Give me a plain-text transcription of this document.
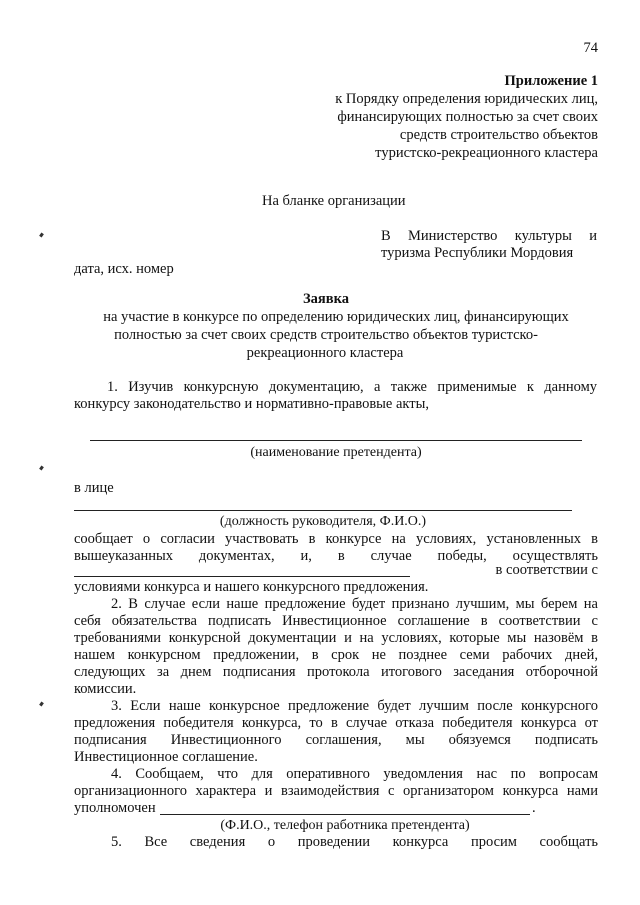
74
Приложение 1
к Порядку определения юридических лиц,
финансирующих полностью за счет своих
средств строительство объектов
туристско-рекреационного кластера
На бланке организации
В Министерство культуры и
туризма Республики Мордовия
дата, исх. номер
Заявка
на участие в конкурсе по определению юридических лиц, финансирующих
полностью за счет своих средств строительство объектов туристско-
рекреационного кластера
1. Изучив конкурсную документацию, а также применимые к данному
конкурсу законодательство и нормативно-правовые акты,
(наименование претендента)
в лице
(должность руководителя, Ф.И.О.)
сообщает о согласии участвовать в конкурсе на условиях, установленных в
вышеуказанных документах, и, в случае победы, осуществлять
в соответствии с
условиями конкурса и нашего конкурсного предложения.
2. В случае если наше предложение будет признано лучшим, мы берем на
себя обязательства подписать Инвестиционное соглашение в соответствии с
требованиями конкурсной документации и на условиях, которые мы назовём в
нашем конкурсном предложении, в срок не позднее семи рабочих дней,
следующих за днем подписания протокола итогового заседания отборочной
комиссии.
3. Если наше конкурсное предложение будет лучшим после конкурсного
предложения победителя конкурса, то в случае отказа победителя конкурса от
подписания Инвестиционного соглашения, мы обязуемся подписать
Инвестиционное соглашение.
4. Сообщаем, что для оперативного уведомления нас по вопросам
организационного характера и взаимодействия с организатором конкурса нами
уполномочен	.
(Ф.И.О., телефон работника претендента)
5. Все сведения о проведении конкурса просим сообщать
